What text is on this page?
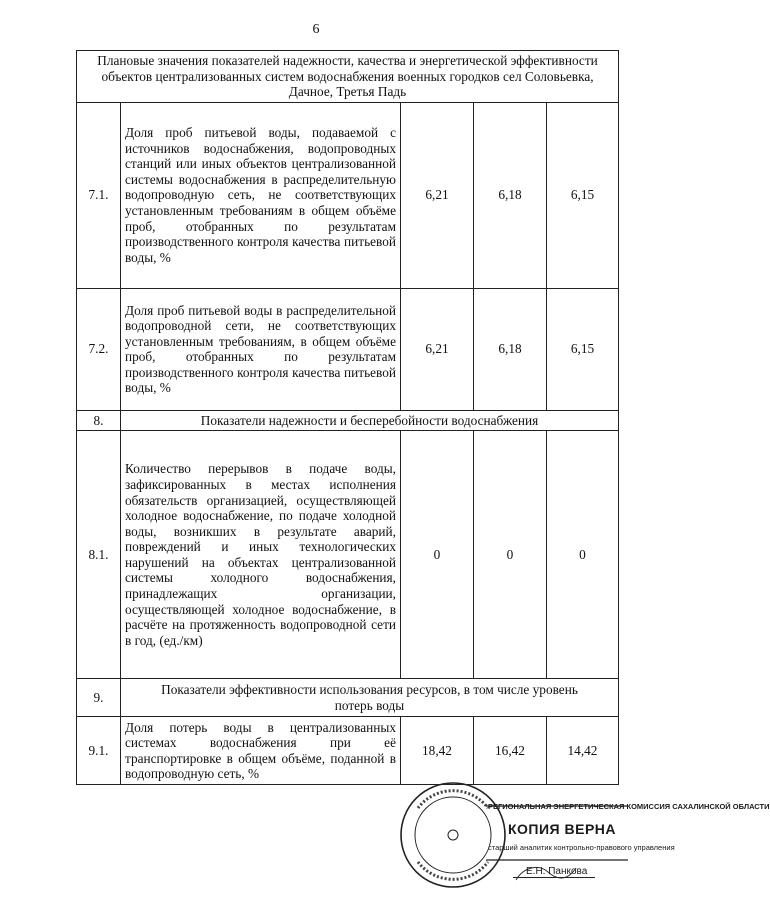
6
Плановые значения показателей надежности, качества и энергетической эффективности объектов централизованных систем водоснабжения военных городков сел Соловьевка, Дачное, Третья Падь				
7.1.	Доля проб питьевой воды, подаваемой с источников водоснабжения, водопроводных станций или иных объектов централизованной системы водоснабжения в распределительную водопроводную сеть, не соответствующих установленным требованиям в общем объёме проб, отобранных по результатам производственного контроля качества питьевой воды, %	6,21	6,18	6,15
7.2.	Доля проб питьевой воды в распределительной водопроводной сети, не соответствующих установленным требованиям, в общем объёме проб, отобранных по результатам производственного контроля качества питьевой воды, %	6,21	6,18	6,15
8.	Показатели надежности и бесперебойности водоснабжения			
8.1.	Количество перерывов в подаче воды, зафиксированных в местах исполнения обязательств организацией, осуществляющей холодное водоснабжение, по подаче холодной воды, возникших в результате аварий, повреждений и иных технологических нарушений на объектах централизованной системы холодного водоснабжения, принадлежащих организации, осуществляющей холодное водоснабжение, в расчёте на протяженность водопроводной сети в год, (ед./км)	0	0	0
9.	Показатели эффективности использования ресурсов, в том числе уровень потерь воды			
9.1.	Доля потерь воды в централизованных системах водоснабжения при её транспортировке в общем объёме, поданной в водопроводную сеть, %	18,42	16,42	14,42
РЕГИОНАЛЬНАЯ ЭНЕРГЕТИЧЕСКАЯ КОМИССИЯ САХАЛИНСКОЙ ОБЛАСТИ
КОПИЯ ВЕРНА
старший аналитик контрольно-правового управления
Е.Н. Панкова
